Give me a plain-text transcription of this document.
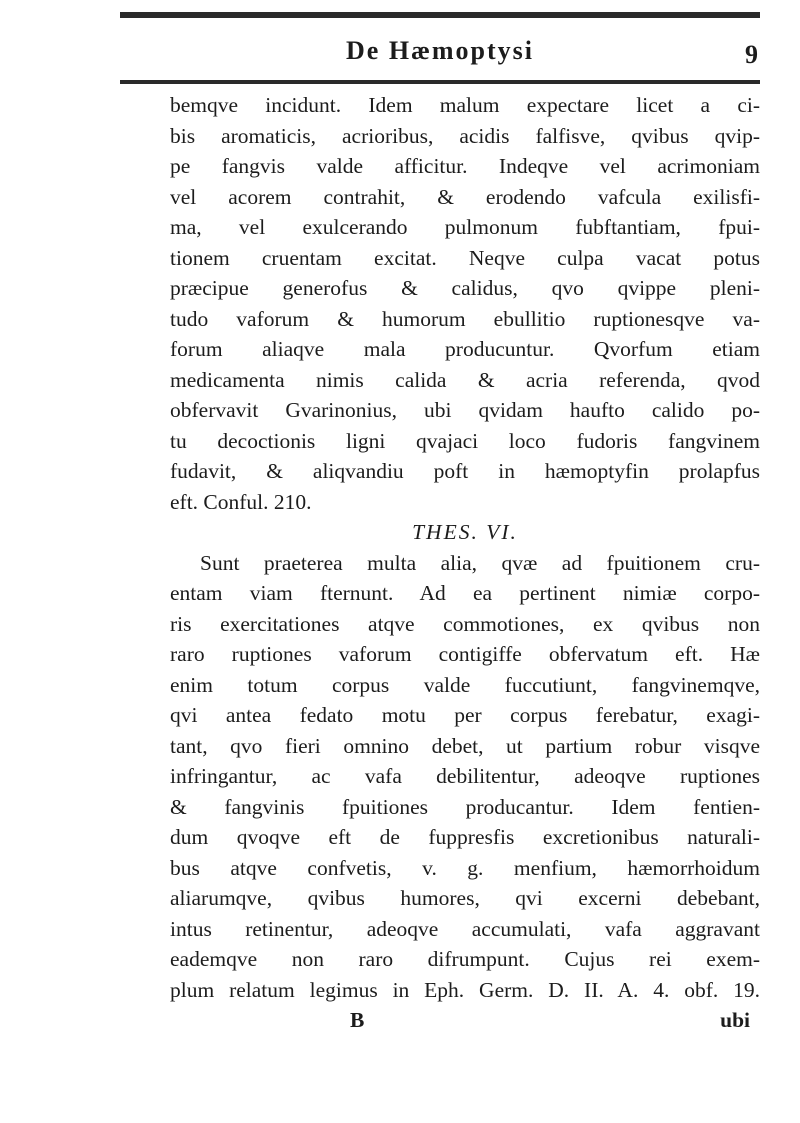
De Hæmoptysi	9
bemqve incidunt. Idem malum expectare licet a ci-
bis aromaticis, acrioribus, acidis falfisve, qvibus qvip-
pe fangvis valde afficitur. Indeqve vel acrimoniam
vel acorem contrahit, & erodendo vafcula exilisfi-
ma, vel exulcerando pulmonum fubftantiam, fpui-
tionem cruentam excitat. Neqve culpa vacat potus
præcipue generofus & calidus, qvo qvippe pleni-
tudo vaforum & humorum ebullitio ruptionesqve va-
forum aliaqve mala producuntur. Qvorfum etiam
medicamenta nimis calida & acria referenda, qvod
obfervavit Gvarinonius, ubi qvidam haufto calido po-
tu decoctionis ligni qvajaci loco fudoris fangvinem
fudavit, & aliqvandiu poft in hæmoptyfin prolapfus
eft. Conful. 210.
THES. VI.
Sunt praeterea multa alia, qvæ ad fpuitionem cru-
entam viam fternunt. Ad ea pertinent nimiæ corpo-
ris exercitationes atqve commotiones, ex qvibus non
raro ruptiones vaforum contigiffe obfervatum eft. Hæ
enim totum corpus valde fuccutiunt, fangvinemqve,
qvi antea fedato motu per corpus ferebatur, exagi-
tant, qvo fieri omnino debet, ut partium robur visqve
infringantur, ac vafa debilitentur, adeoqve ruptiones
& fangvinis fpuitiones producantur. Idem fentien-
dum qvoqve eft de fuppresfis excretionibus naturali-
bus atqve confvetis, v. g. menfium, hæmorrhoidum
aliarumqve, qvibus humores, qvi excerni debebant,
intus retinentur, adeoqve accumulati, vafa aggravant
eademqve non raro difrumpunt. Cujus rei exem-
plum relatum legimus in Eph. Germ. D. II. A. 4. obf. 19.
B	ubi
